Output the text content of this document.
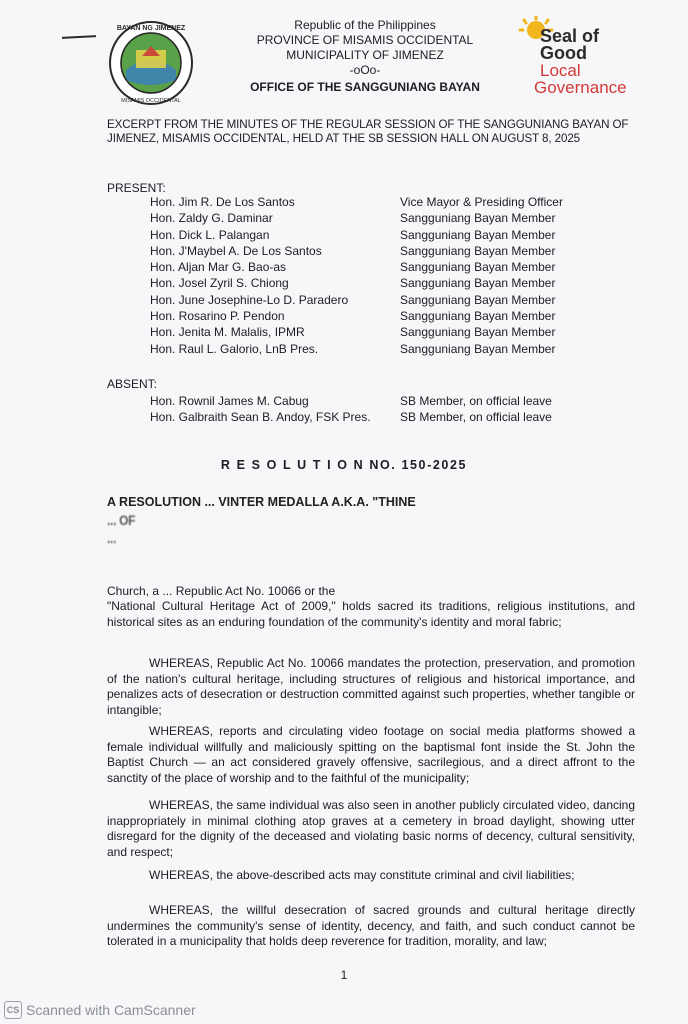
BAYAN NG JIMENEZ
MISAMIS OCCIDENTAL
Republic of the Philippines
PROVINCE OF MISAMIS OCCIDENTAL
MUNICIPALITY OF JIMENEZ
-oOo-
OFFICE OF THE SANGGUNIANG BAYAN
Seal of
Good
Local
Governance
EXCERPT FROM THE MINUTES OF THE REGULAR SESSION OF THE SANGGUNIANG BAYAN OF JIMENEZ, MISAMIS OCCIDENTAL, HELD AT THE SB SESSION HALL ON AUGUST 8, 2025
PRESENT:
Hon. Jim R. De Los Santos	Vice Mayor & Presiding Officer
Hon. Zaldy G. Daminar	Sangguniang Bayan Member
Hon. Dick L. Palangan	Sangguniang Bayan Member
Hon. J'Maybel A. De Los Santos	Sangguniang Bayan Member
Hon. Aljan Mar G. Bao-as	Sangguniang Bayan Member
Hon. Josel Zyril S. Chiong	Sangguniang Bayan Member
Hon. June Josephine-Lo D. Paradero	Sangguniang Bayan Member
Hon. Rosarino P. Pendon	Sangguniang Bayan Member
Hon. Jenita M. Malalis, IPMR	Sangguniang Bayan Member
Hon. Raul L. Galorio, LnB Pres.	Sangguniang Bayan Member
ABSENT:
Hon. Rownil James M. Cabug	SB Member, on official leave
Hon. Galbraith Sean B. Andoy, FSK Pres.	SB Member, on official leave
R E S O L U T I O N NO. 150-2025
A RESOLUTION ... VINTER MEDALLA A.K.A. "THINE
... OF
...
Church, a ... Republic Act No. 10066 or the
"National Cultural Heritage Act of 2009," holds sacred its traditions, religious institutions, and historical sites as an enduring foundation of the community's identity and moral fabric;
WHEREAS, Republic Act No. 10066 mandates the protection, preservation, and promotion of the nation's cultural heritage, including structures of religious and historical importance, and penalizes acts of desecration or destruction committed against such properties, whether tangible or intangible;
WHEREAS, reports and circulating video footage on social media platforms showed a female individual willfully and maliciously spitting on the baptismal font inside the St. John the Baptist Church — an act considered gravely offensive, sacrilegious, and a direct affront to the sanctity of the place of worship and to the faithful of the municipality;
WHEREAS, the same individual was also seen in another publicly circulated video, dancing inappropriately in minimal clothing atop graves at a cemetery in broad daylight, showing utter disregard for the dignity of the deceased and violating basic norms of decency, cultural sensitivity, and respect;
WHEREAS, the above-described acts may constitute criminal and civil liabilities;
WHEREAS, the willful desecration of sacred grounds and cultural heritage directly undermines the community's sense of identity, decency, and faith, and such conduct cannot be tolerated in a municipality that holds deep reverence for tradition, morality, and law;
1
CS Scanned with CamScanner
